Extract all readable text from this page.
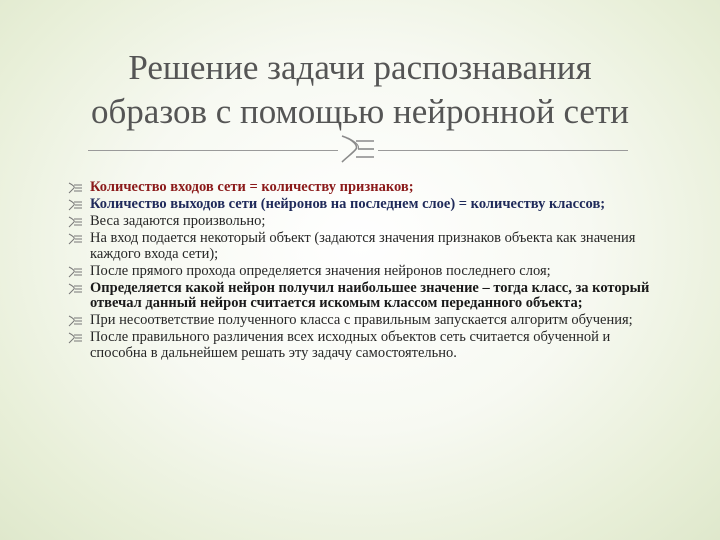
Решение задачи распознавания
образов с помощью нейронной сети
Количество входов сети = количеству признаков;
Количество выходов сети (нейронов на последнем слое) = количеству классов;
Веса задаются произвольно;
На вход подается некоторый объект (задаются значения признаков объекта как значения каждого входа сети);
После прямого прохода определяется значения нейронов последнего слоя;
Определяется какой нейрон получил наибольшее значение – тогда класс, за который отвечал данный нейрон считается искомым классом переданного объекта;
При несоответствие полученного класса с правильным запускается алгоритм обучения;
После правильного различения всех исходных объектов сеть считается обученной и способна в дальнейшем решать эту задачу самостоятельно.
